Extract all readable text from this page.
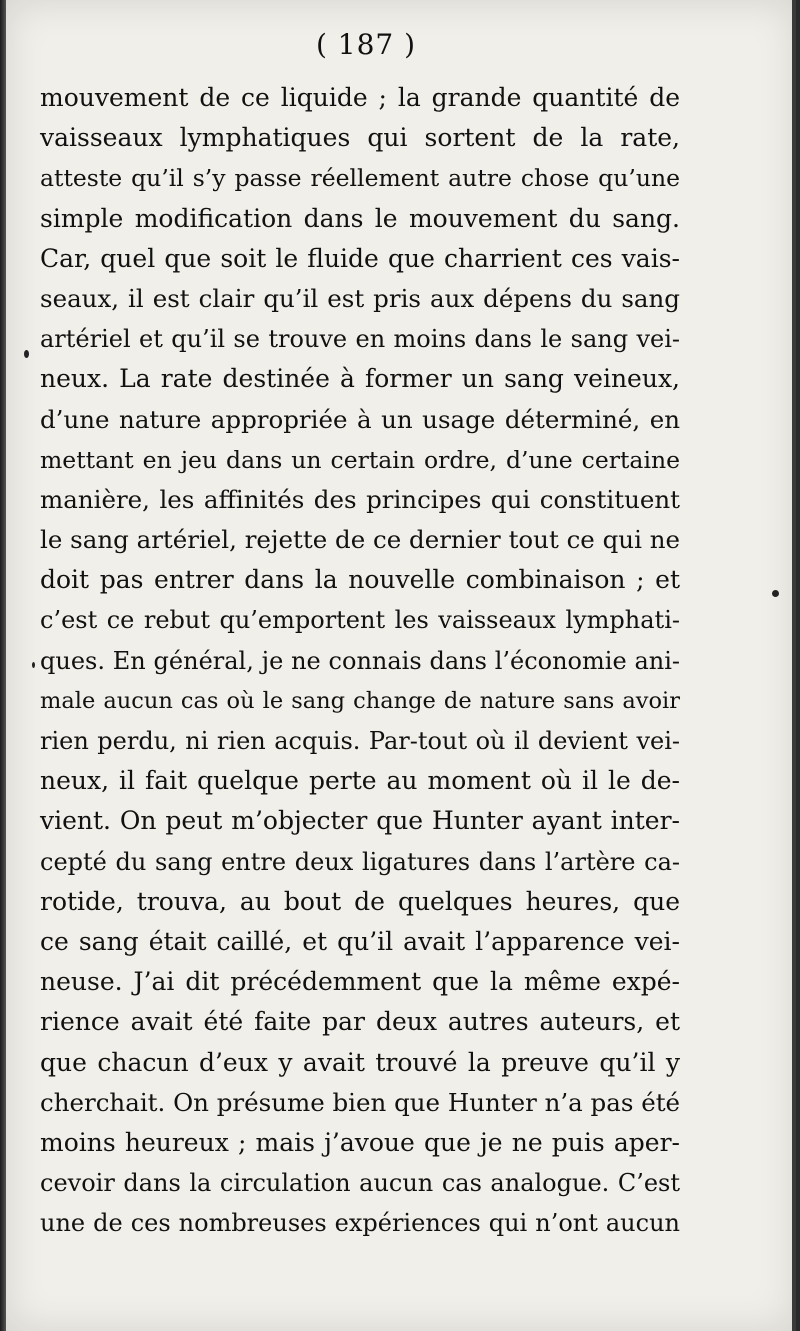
( 187 )
mouvement de ce liquide ; la grande quantité de
vaisseaux lymphatiques qui sortent de la rate,
atteste qu’il s’y passe réellement autre chose qu’une
simple modification dans le mouvement du sang.
Car, quel que soit le fluide que charrient ces vais-
seaux, il est clair qu’il est pris aux dépens du sang
artériel et qu’il se trouve en moins dans le sang vei-
neux. La rate destinée à former un sang veineux,
d’une nature appropriée à un usage déterminé, en
mettant en jeu dans un certain ordre, d’une certaine
manière, les affinités des principes qui constituent
le sang artériel, rejette de ce dernier tout ce qui ne
doit pas entrer dans la nouvelle combinaison ; et
c’est ce rebut qu’emportent les vaisseaux lymphati-
ques. En général, je ne connais dans l’économie ani-
male aucun cas où le sang change de nature sans avoir
rien perdu, ni rien acquis. Par-tout où il devient vei-
neux, il fait quelque perte au moment où il le de-
vient. On peut m’objecter que Hunter ayant inter-
cepté du sang entre deux ligatures dans l’artère ca-
rotide, trouva, au bout de quelques heures, que
ce sang était caillé, et qu’il avait l’apparence vei-
neuse. J’ai dit précédemment que la même expé-
rience avait été faite par deux autres auteurs, et
que chacun d’eux y avait trouvé la preuve qu’il y
cherchait. On présume bien que Hunter n’a pas été
moins heureux ; mais j’avoue que je ne puis aper-
cevoir dans la circulation aucun cas analogue. C’est
une de ces nombreuses expériences qui n’ont aucun
